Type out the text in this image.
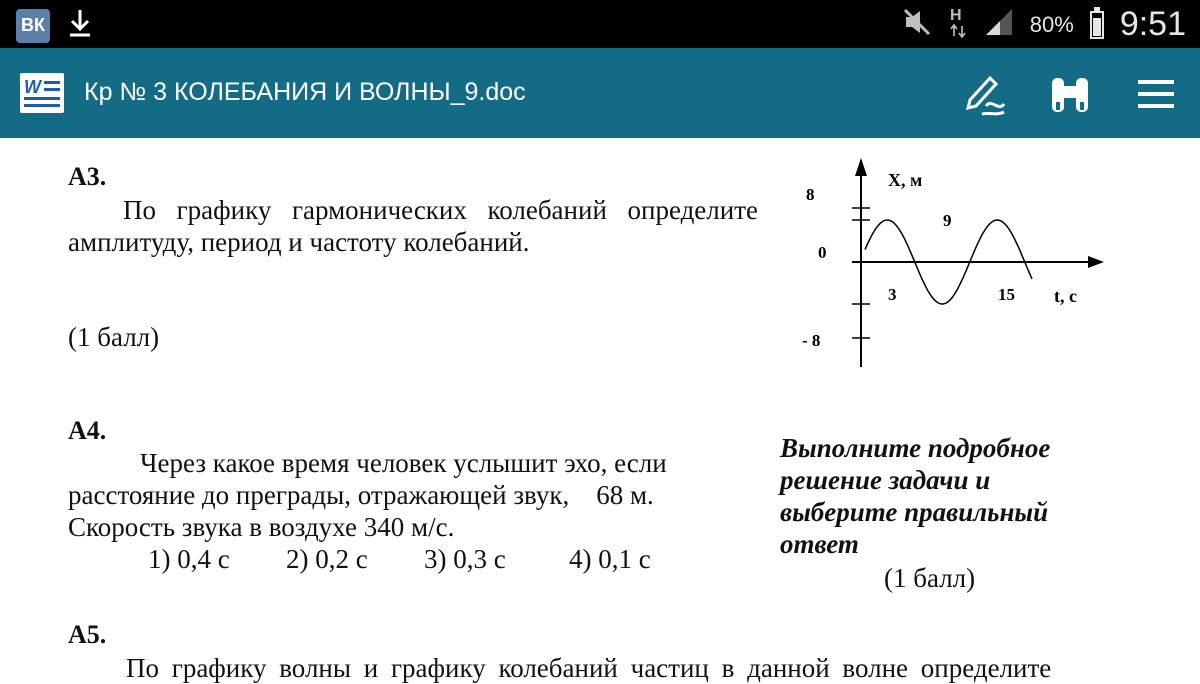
ВК	H	80% 9:51
W Кр № 3 КОЛЕБАНИЯ И ВОЛНЫ_9.doc
А3.
По графику гармонических колебаний определите амплитуду, период и частоту колебаний.
(1 балл)
X, м
t, с
8
0
- 8
3
9
15
А4.
Через какое время человек услышит эхо, если
расстояние до преграды, отражающей звук,    68 м.
Скорость звука в воздухе 340 м/с.
1) 0,4 с	2) 0,2 с	3) 0,3 с	4) 0,1 с
Выполните подробное
решение задачи и
выберите правильный
ответ
(1 балл)
А5.
По графику волны и графику колебаний частиц в данной волне определите
